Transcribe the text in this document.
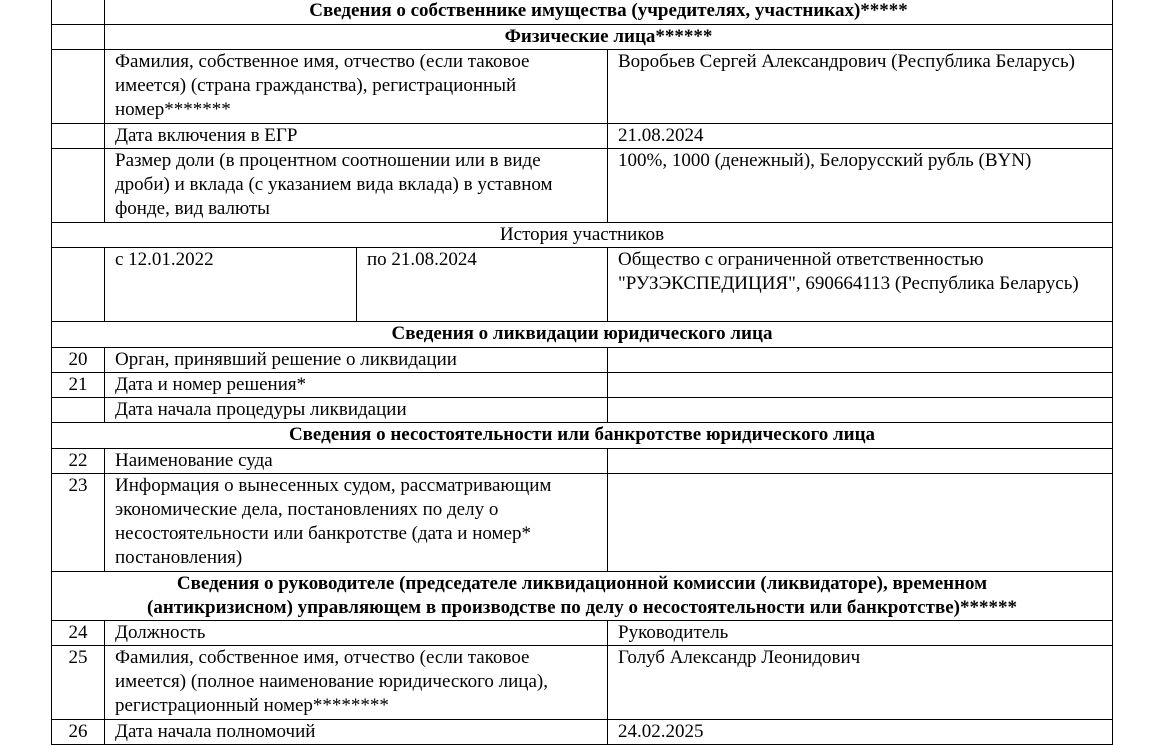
	Сведения о собственнике имущества (учредителях, участниках)*****		
	Физические лица******		
	Фамилия, собственное имя, отчество (если таковое имеется) (страна гражданства), регистрационный номер*******		Воробьев Сергей Александрович (Республика Беларусь)
	Дата включения в ЕГР		21.08.2024
	Размер доли (в процентном соотношении или в виде дроби) и вклада (с указанием вида вклада) в уставном фонде, вид валюты		100%, 1000 (денежный), Белорусский рубль (BYN)
История участников			
	с 12.01.2022	по 21.08.2024	Общество с ограниченной ответственностью "РУЗЭКСПЕДИЦИЯ", 690664113 (Республика Беларусь)
Сведения о ликвидации юридического лица			
20	Орган, принявший решение о ликвидации		
21	Дата и номер решения*		
	Дата начала процедуры ликвидации		
Сведения о несостоятельности или банкротстве юридического лица			
22	Наименование суда		
23	Информация о вынесенных судом, рассматривающим экономические дела, постановлениях по делу о несостоятельности или банкротстве (дата и номер* постановления)		

Сведения о руководителе (председателе ликвидационной комиссии (ликвидаторе), временном
(антикризисном) управляющем в производстве по делу о несостоятельности или банкротстве)******			

24	Должность		Руководитель
25	Фамилия, собственное имя, отчество (если таковое имеется) (полное наименование юридического лица), регистрационный номер********		Голуб Александр Леонидович
26	Дата начала полномочий		24.02.2025
